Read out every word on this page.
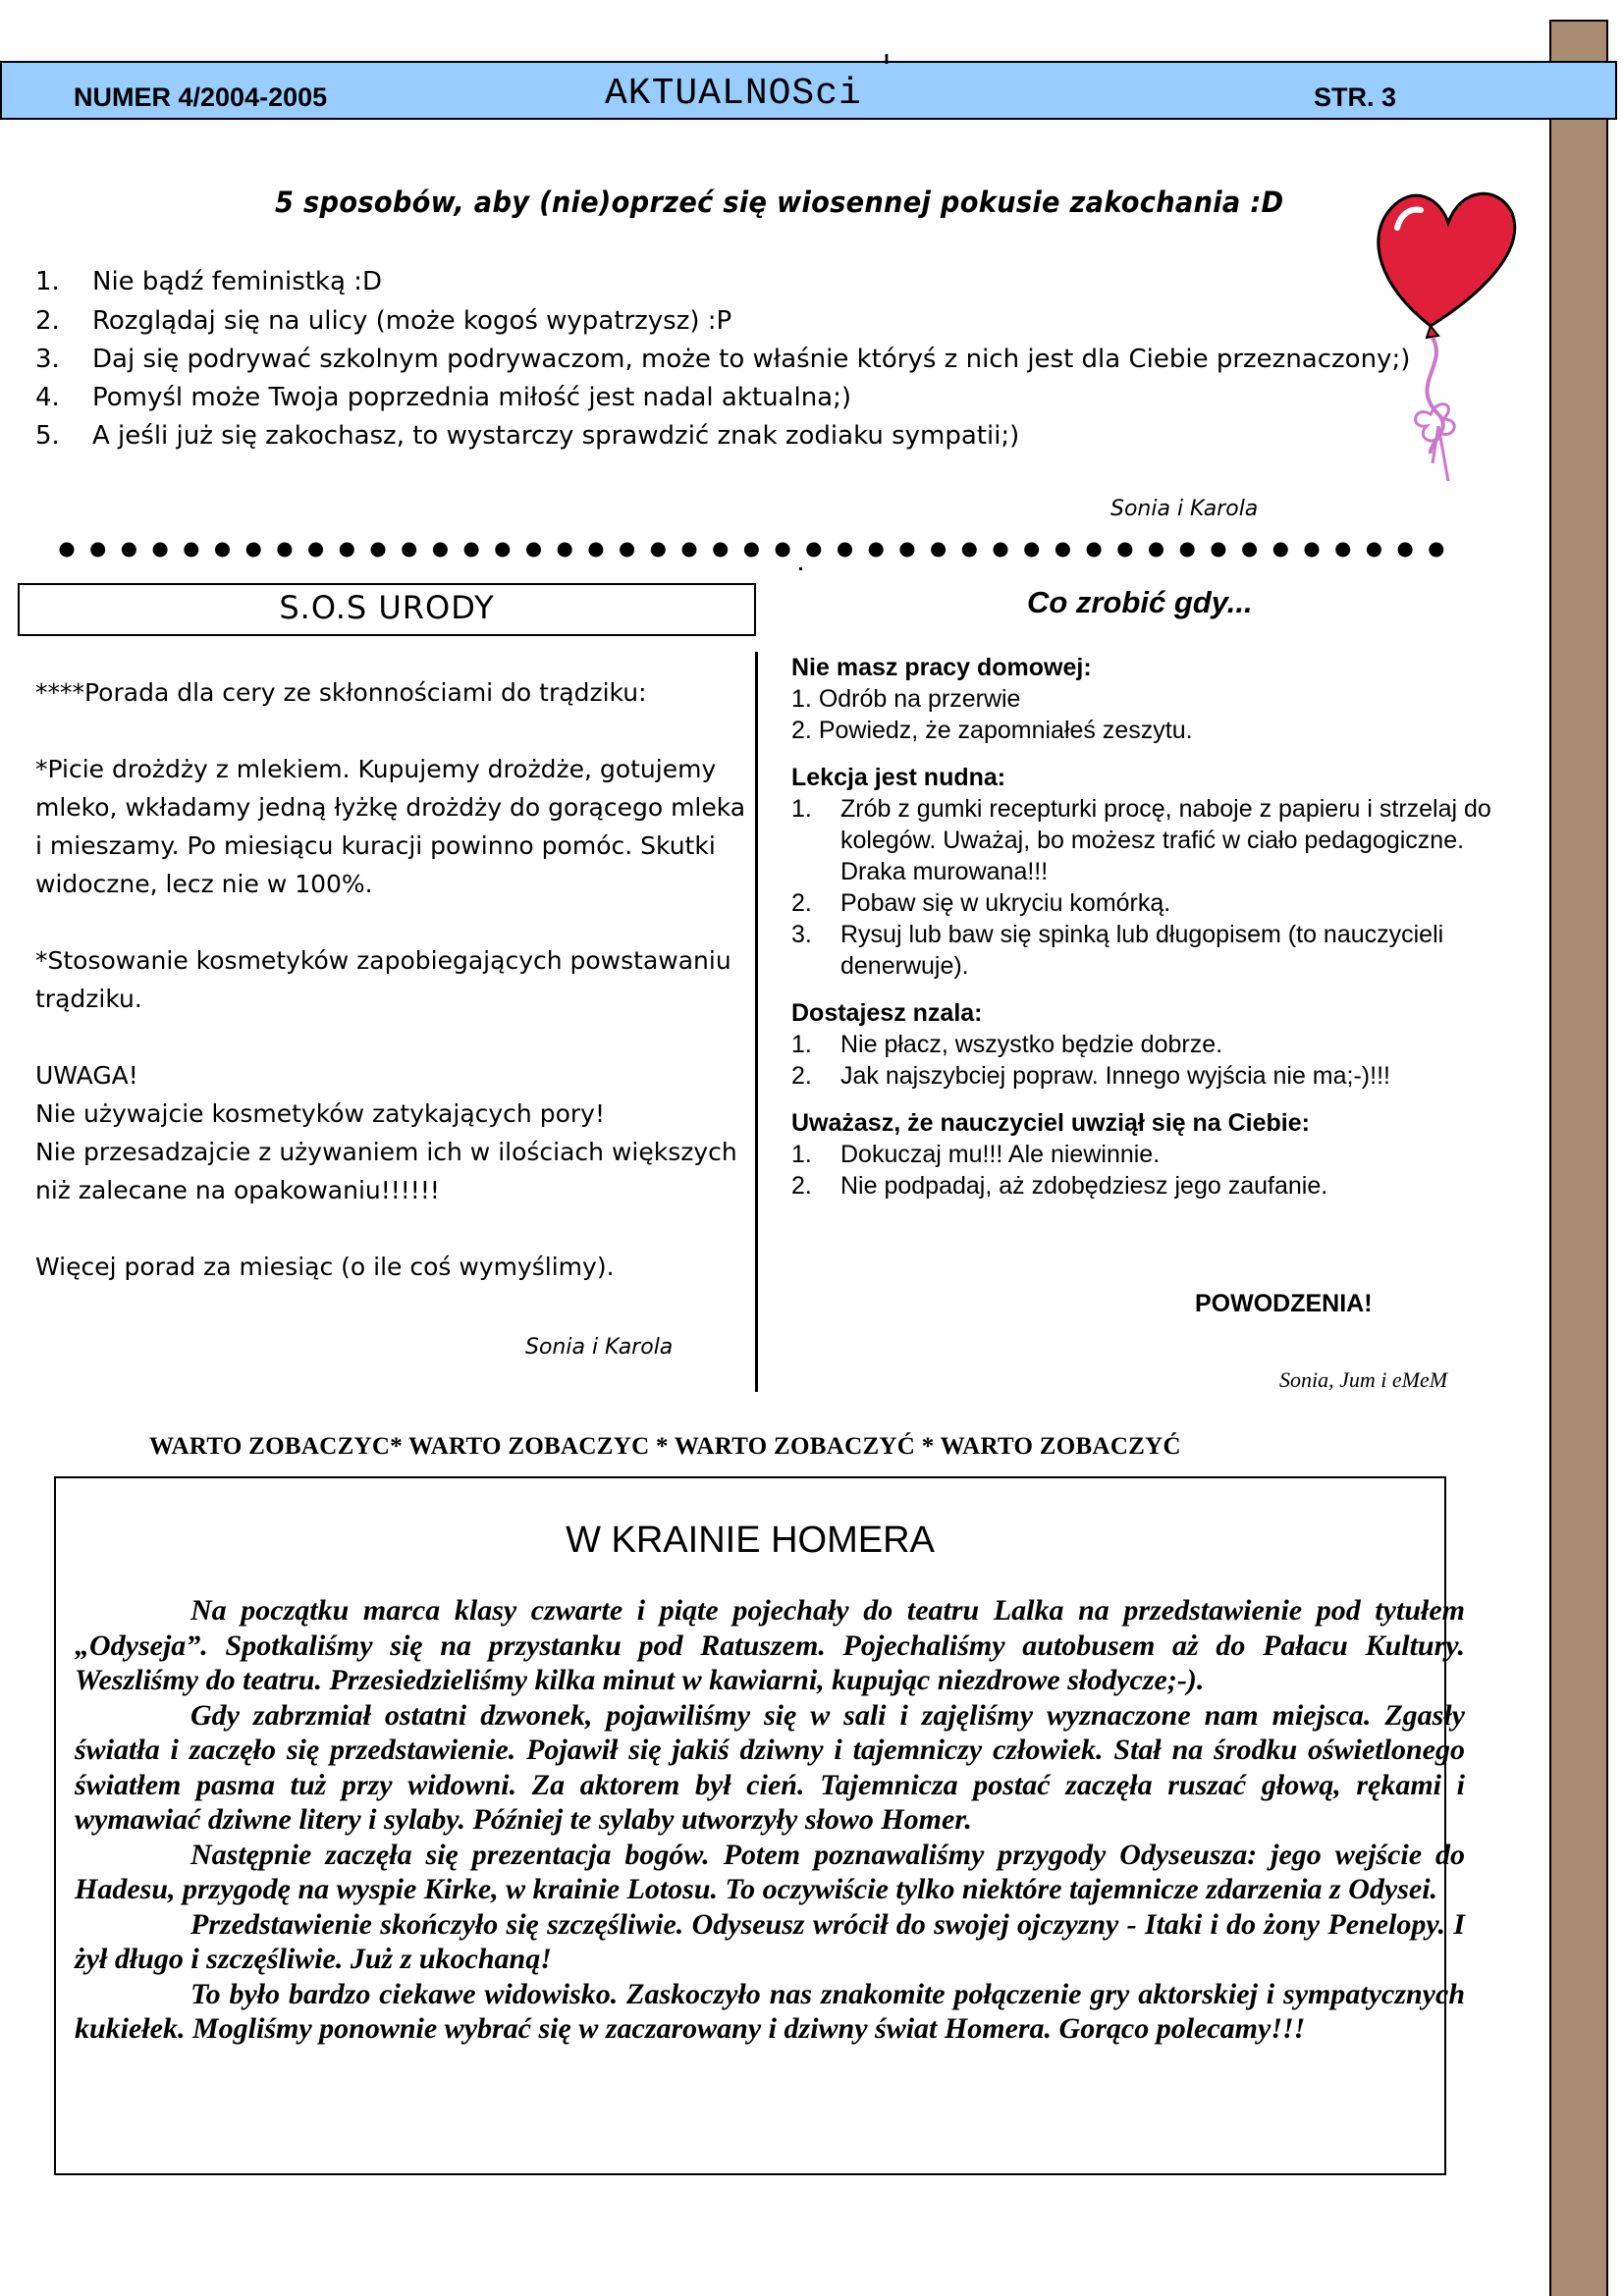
NUMER 4/2004-2005	AKTUALNOSci
'
STR. 3
5 sposobów, aby (nie)oprzeć się wiosennej pokusie zakochania :D
1. Nie bądź feministką :D
2. Rozglądaj się na ulicy (może kogoś wypatrzysz) :P
3. Daj się podrywać szkolnym podrywaczom, może to właśnie któryś z nich jest dla Ciebie przeznaczony;)
4. Pomyśl może Twoja poprzednia miłość jest nadal aktualna;)
5. A jeśli już się zakochasz, to wystarczy sprawdzić znak zodiaku sympatii;)
Sonia i Karola
S.O.S URODY

****Porada dla cery ze skłonnościami do trądziku:

*Picie drożdży z mlekiem. Kupujemy drożdże, gotujemy mleko, wkładamy jedną łyżkę drożdży do gorącego mleka i mieszamy. Po miesiącu kuracji powinno pomóc. Skutki widoczne, lecz nie w 100%.

*Stosowanie kosmetyków zapobiegających powstawaniu trądziku.

UWAGA!

Nie używajcie kosmetyków zatykających pory!

Nie przesadzajcie z używaniem ich w ilościach większych niż zalecane na opakowaniu!!!!!!

Więcej porad za miesiąc (o ile coś wymyślimy).

Sonia i Karola
Co zrobić gdy...
Nie masz pracy domowej:
1. Odrób na przerwie
2. Powiedz, że zapomniałeś zeszytu.
Lekcja jest nudna:
1.	Zrób z gumki recepturki procę, naboje z papieru i strzelaj do kolegów. Uważaj, bo możesz trafić w ciało pedagogiczne. Draka murowana!!!
2.	Pobaw się w ukryciu komórką.
3.	Rysuj lub baw się spinką lub długopisem (to nauczycieli denerwuje).
Dostajesz nzala:
1.	Nie płacz, wszystko będzie dobrze.
2.	Jak najszybciej popraw. Innego wyjścia nie ma;-)!!!
Uważasz, że nauczyciel uwziął się na Ciebie:
1.	Dokuczaj mu!!! Ale niewinnie.
2.	Nie podpadaj, aż zdobędziesz jego zaufanie.
POWODZENIA!
Sonia, Jum i eMeM
WARTO ZOBACZYC* WARTO ZOBACZYC * WARTO ZOBACZYĆ * WARTO ZOBACZYĆ
W KRAINIE HOMERA

Na początku marca klasy czwarte i piąte pojechały do teatru Lalka na przedstawienie pod tytułem „Odyseja”. Spotkaliśmy się na przystanku pod Ratuszem. Pojechaliśmy autobusem aż do Pałacu Kultury. Weszliśmy do teatru. Przesiedzieliśmy kilka minut w kawiarni, kupując niezdrowe słodycze;-).

Gdy zabrzmiał ostatni dzwonek, pojawiliśmy się w sali i zajęliśmy wyznaczone nam miejsca. Zgasły światła i zaczęło się przedstawienie. Pojawił się jakiś dziwny i tajemniczy człowiek. Stał na środku oświetlonego światłem pasma tuż przy widowni. Za aktorem był cień. Tajemnicza postać zaczęła ruszać głową, rękami i wymawiać dziwne litery i sylaby. Później te sylaby utworzyły słowo Homer.

Następnie zaczęła się prezentacja bogów. Potem poznawaliśmy przygody Odyseusza: jego wejście do Hadesu, przygodę na wyspie Kirke, w krainie Lotosu. To oczywiście tylko niektóre tajemnicze zdarzenia z Odysei.

Przedstawienie skończyło się szczęśliwie. Odyseusz wrócił do swojej ojczyzny - Itaki i do żony Penelopy. I żył długo i szczęśliwie. Już z ukochaną!

To było bardzo ciekawe widowisko. Zaskoczyło nas znakomite połączenie gry aktorskiej i sympatycznych kukiełek. Mogliśmy ponownie wybrać się w zaczarowany i dziwny świat Homera. Gorąco polecamy!!!
